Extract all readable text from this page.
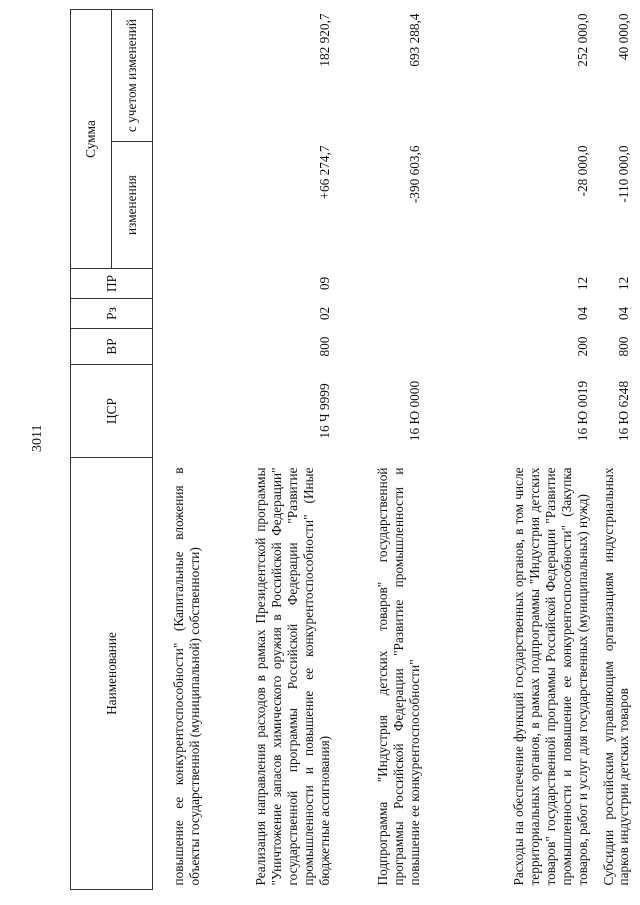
3011
Наименование	ЦСР	ВР	Рз	ПР	Сумма	
					изменения	с учетом изменений
повышение ее конкурентоспособности" (Капитальные вложения в объекты государственной (муниципальной) собственности)						
Реализация направления расходов в рамках Президентской программы "Уничтожение запасов химического оружия в Российской Федерации" государственной программы Российской Федерации "Развитие промышленности и повышение ее конкурентоспособности" (Иные бюджетные ассигнования)	16 Ч 9999	800	02	09	+66 274,7	182 920,7
Подпрограмма "Индустрия детских товаров" государственной программы Российской Федерации "Развитие промышленности и повышение ее конкурентоспособности"	16 Ю 0000				-390 603,6	693 288,4
Расходы на обеспечение функций государственных органов, в том числе территориальных органов, в рамках подпрограммы "Индустрия детских товаров" государственной программы Российской Федерации "Развитие промышленности и повышение ее конкурентоспособности" (Закупка товаров, работ и услуг для государственных (муниципальных) нужд)	16 Ю 0019	200	04	12	-28 000,0	252 000,0
Субсидии российским управляющим организациям индустриальных парков индустрии детских товаров	16 Ю 6248	800	04	12	-110 000,0	40 000,0
